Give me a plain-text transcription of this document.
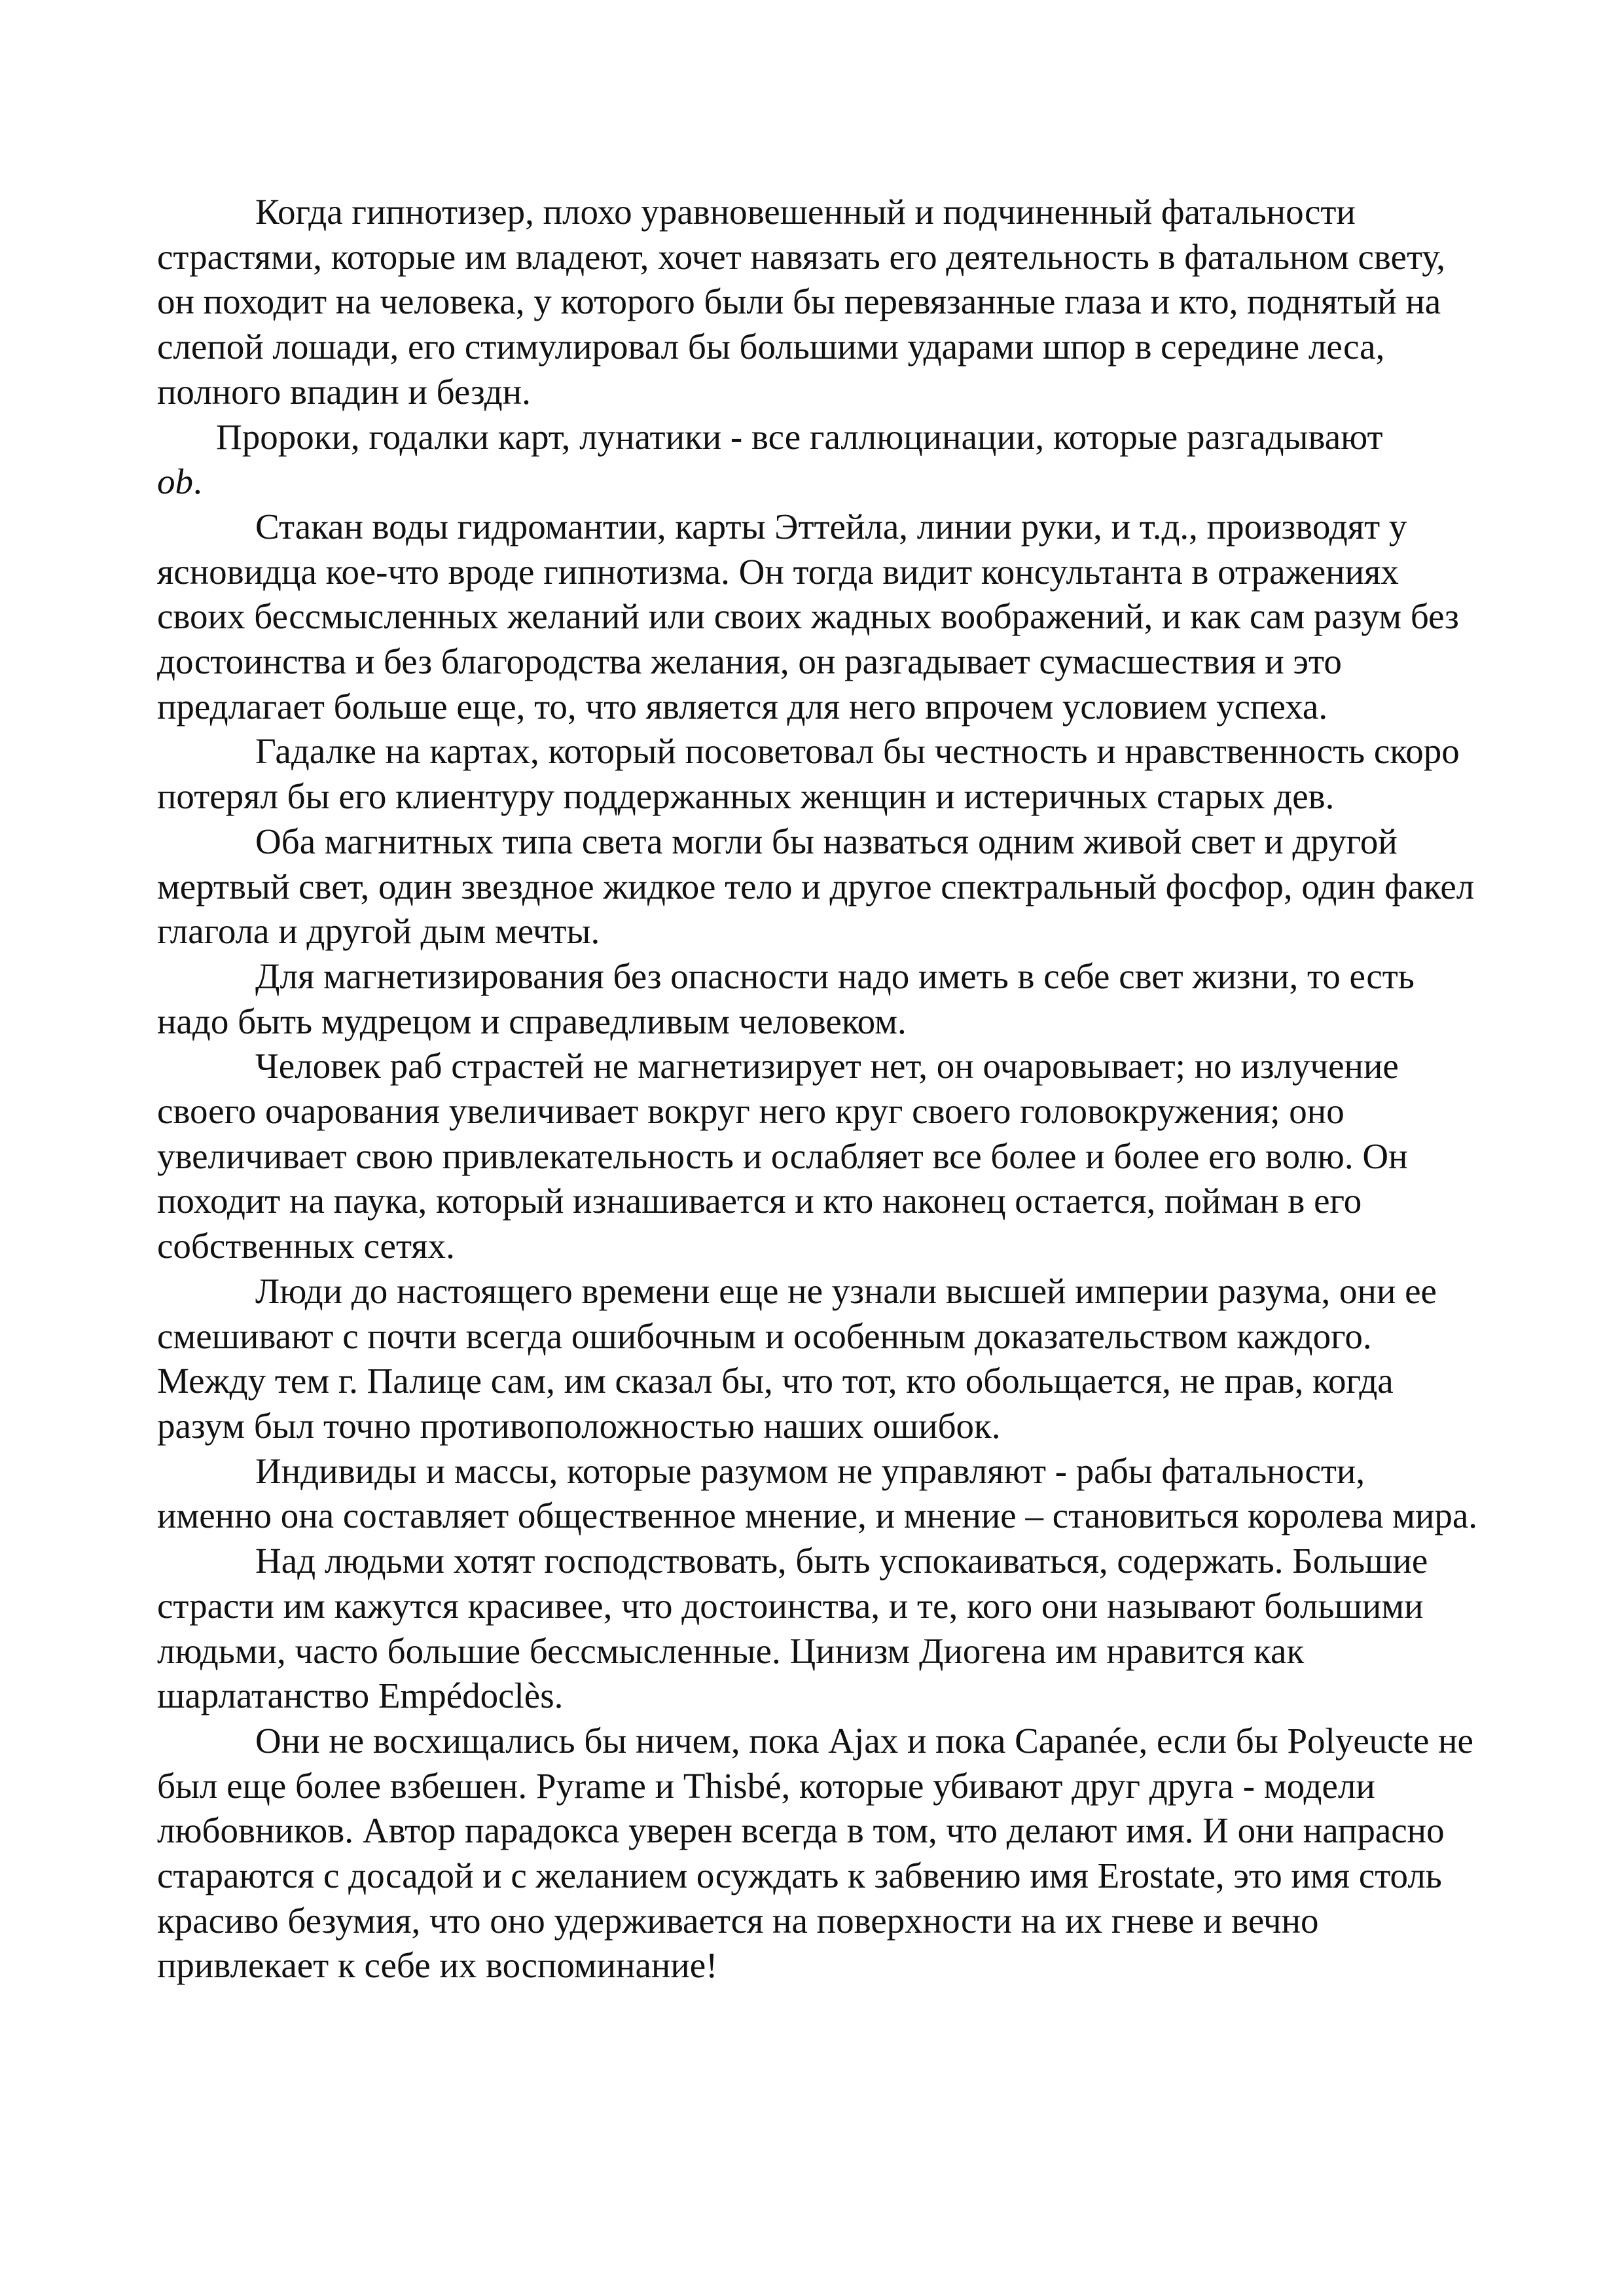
Когда гипнотизер, плохо уравновешенный и подчиненный фатальности страстями, которые им владеют, хочет навязать его деятельность в фатальном свету, он походит на человека, у которого были бы перевязанные глаза и кто, поднятый на слепой лошади, его стимулировал бы большими ударами шпор в середине леса, полного впадин и бездн.

Пророки, годалки карт, лунатики - все галлюцинации, которые разгадывают
ob.

Стакан воды гидромантии, карты Эттейла, линии руки, и т.д., производят у ясновидца кое-что вроде гипнотизма. Он тогда видит консультанта в отражениях своих бессмысленных желаний или своих жадных воображений, и как сам разум без достоинства и без благородства желания, он разгадывает сумасшествия и это предлагает больше еще, то, что является для него впрочем условием успеха.

Гадалке на картах, который посоветовал бы честность и нравственность скоро потерял бы его клиентуру поддержанных женщин и истеричных старых дев.

Оба магнитных типа света могли бы назваться одним живой свет и другой мертвый свет, один звездное жидкое тело и другое спектральный фосфор, один факел глагола и другой дым мечты.

Для магнетизирования без опасности надо иметь в себе свет жизни, то есть надо быть мудрецом и справедливым человеком.

Человек раб страстей не магнетизирует нет, он очаровывает; но излучение своего очарования увеличивает вокруг него круг своего головокружения; оно увеличивает свою привлекательность и ослабляет все более и более его волю. Он походит на паука, который изнашивается и кто наконец остается, пойман в его собственных сетях.

Люди до настоящего времени еще не узнали высшей империи разума, они ее смешивают с почти всегда ошибочным и особенным доказательством каждого. Между тем г. Палице сам, им сказал бы, что тот, кто обольщается, не прав, когда разум был точно противоположностью наших ошибок.

Индивиды и массы, которые разумом не управляют - рабы фатальности, именно она составляет общественное мнение, и мнение – становиться королева мира.

Над людьми хотят господствовать, быть успокаиваться, содержать. Большие страсти им кажутся красивее, что достоинства, и те, кого они называют большими людьми, часто большие бессмысленные. Цинизм Диогена им нравится как шарлатанство Empédoclès.

Они не восхищались бы ничем, пока Ajax и пока Capanée, если бы Polyeucte не был еще более взбешен. Pyrame и Thisbé, которые убивают друг друга - модели любовников. Автор парадокса уверен всегда в том, что делают имя. И они напрасно стараются с досадой и с желанием осуждать к забвению имя Erostate, это имя столь красиво безумия, что оно удерживается на поверхности на их гневе и вечно привлекает к себе их воспоминание!
